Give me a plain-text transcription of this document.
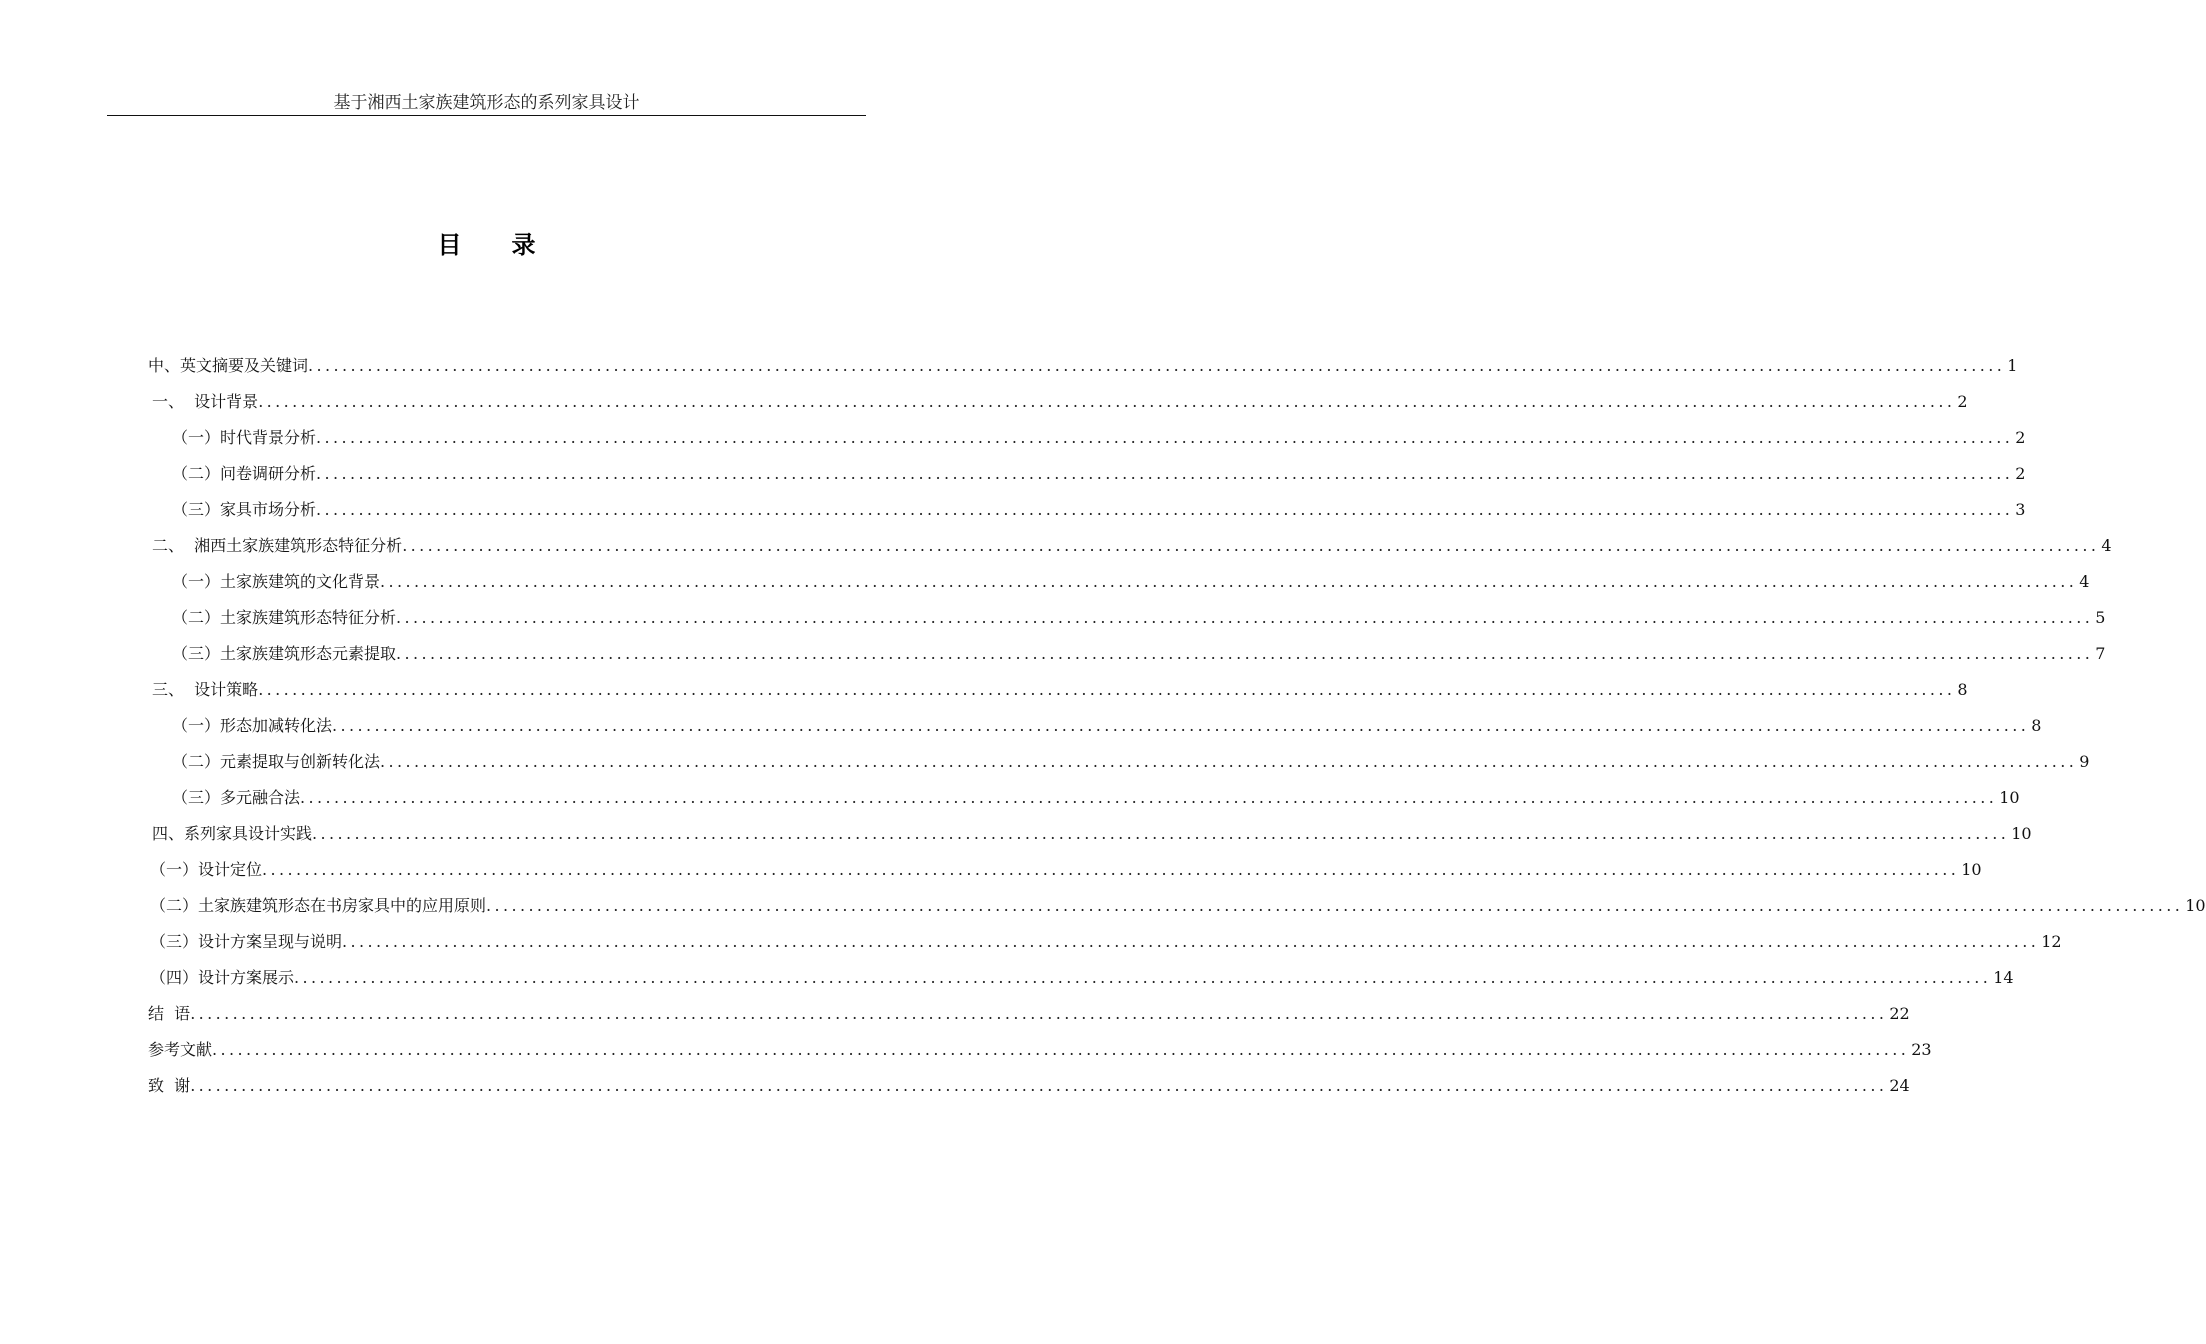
基于湘西土家族建筑形态的系列家具设计
目 录
中、英文摘要及关键词 ........................................................................................................................................................................................................ 1
一、  设计背景 ........................................................................................................................................................................................................ 2
（一）时代背景分析 ........................................................................................................................................................................................................ 2
（二）问卷调研分析 ........................................................................................................................................................................................................ 2
（三）家具市场分析 ........................................................................................................................................................................................................ 3
二、  湘西土家族建筑形态特征分析 ........................................................................................................................................................................................................ 4
（一）土家族建筑的文化背景 ........................................................................................................................................................................................................ 4
（二）土家族建筑形态特征分析 ........................................................................................................................................................................................................ 5
（三）土家族建筑形态元素提取 ........................................................................................................................................................................................................ 7
三、  设计策略 ........................................................................................................................................................................................................ 8
（一）形态加减转化法 ........................................................................................................................................................................................................ 8
（二）元素提取与创新转化法 ........................................................................................................................................................................................................ 9
（三）多元融合法 ........................................................................................................................................................................................................ 10
四、系列家具设计实践 ........................................................................................................................................................................................................ 10
（一）设计定位 ........................................................................................................................................................................................................ 10
（二）土家族建筑形态在书房家具中的应用原则 ........................................................................................................................................................................................................ 10
（三）设计方案呈现与说明 ........................................................................................................................................................................................................ 12
（四）设计方案展示 ........................................................................................................................................................................................................ 14
结  语 ........................................................................................................................................................................................................ 22
参考文献 ........................................................................................................................................................................................................ 23
致  谢 ........................................................................................................................................................................................................ 24
